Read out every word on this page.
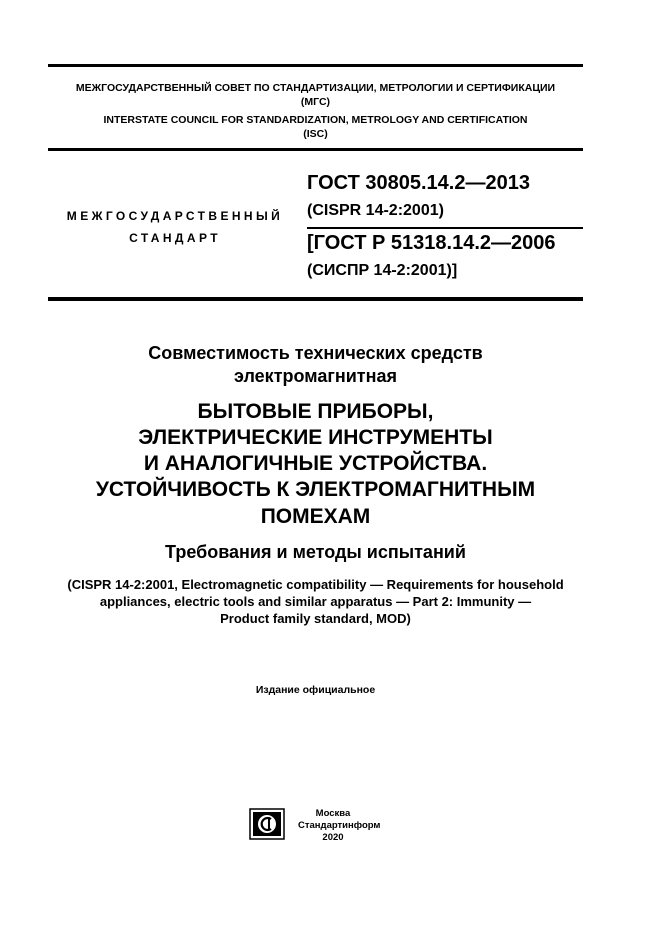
МЕЖГОСУДАРСТВЕННЫЙ СОВЕТ ПО СТАНДАРТИЗАЦИИ, МЕТРОЛОГИИ И СЕРТИФИКАЦИИ
(МГС)
INTERSTATE COUNCIL FOR STANDARDIZATION, METROLOGY AND CERTIFICATION
(ISC)
МЕЖГОСУДАРСТВЕННЫЙ
СТАНДАРТ
ГОСТ 30805.14.2—2013
(CISPR 14-2:2001)
[ГОСТ Р 51318.14.2—2006
(СИСПР 14-2:2001)]
Совместимость технических средств
электромагнитная
БЫТОВЫЕ ПРИБОРЫ,
ЭЛЕКТРИЧЕСКИЕ ИНСТРУМЕНТЫ
И АНАЛОГИЧНЫЕ УСТРОЙСТВА.
УСТОЙЧИВОСТЬ К ЭЛЕКТРОМАГНИТНЫМ
ПОМЕХАМ
Требования и методы испытаний
(CISPR 14-2:2001, Electromagnetic compatibility — Requirements for household
appliances, electric tools and similar apparatus — Part 2: Immunity —
Product family standard, MOD)
Издание официальное
Москва
Стандартинформ
2020
